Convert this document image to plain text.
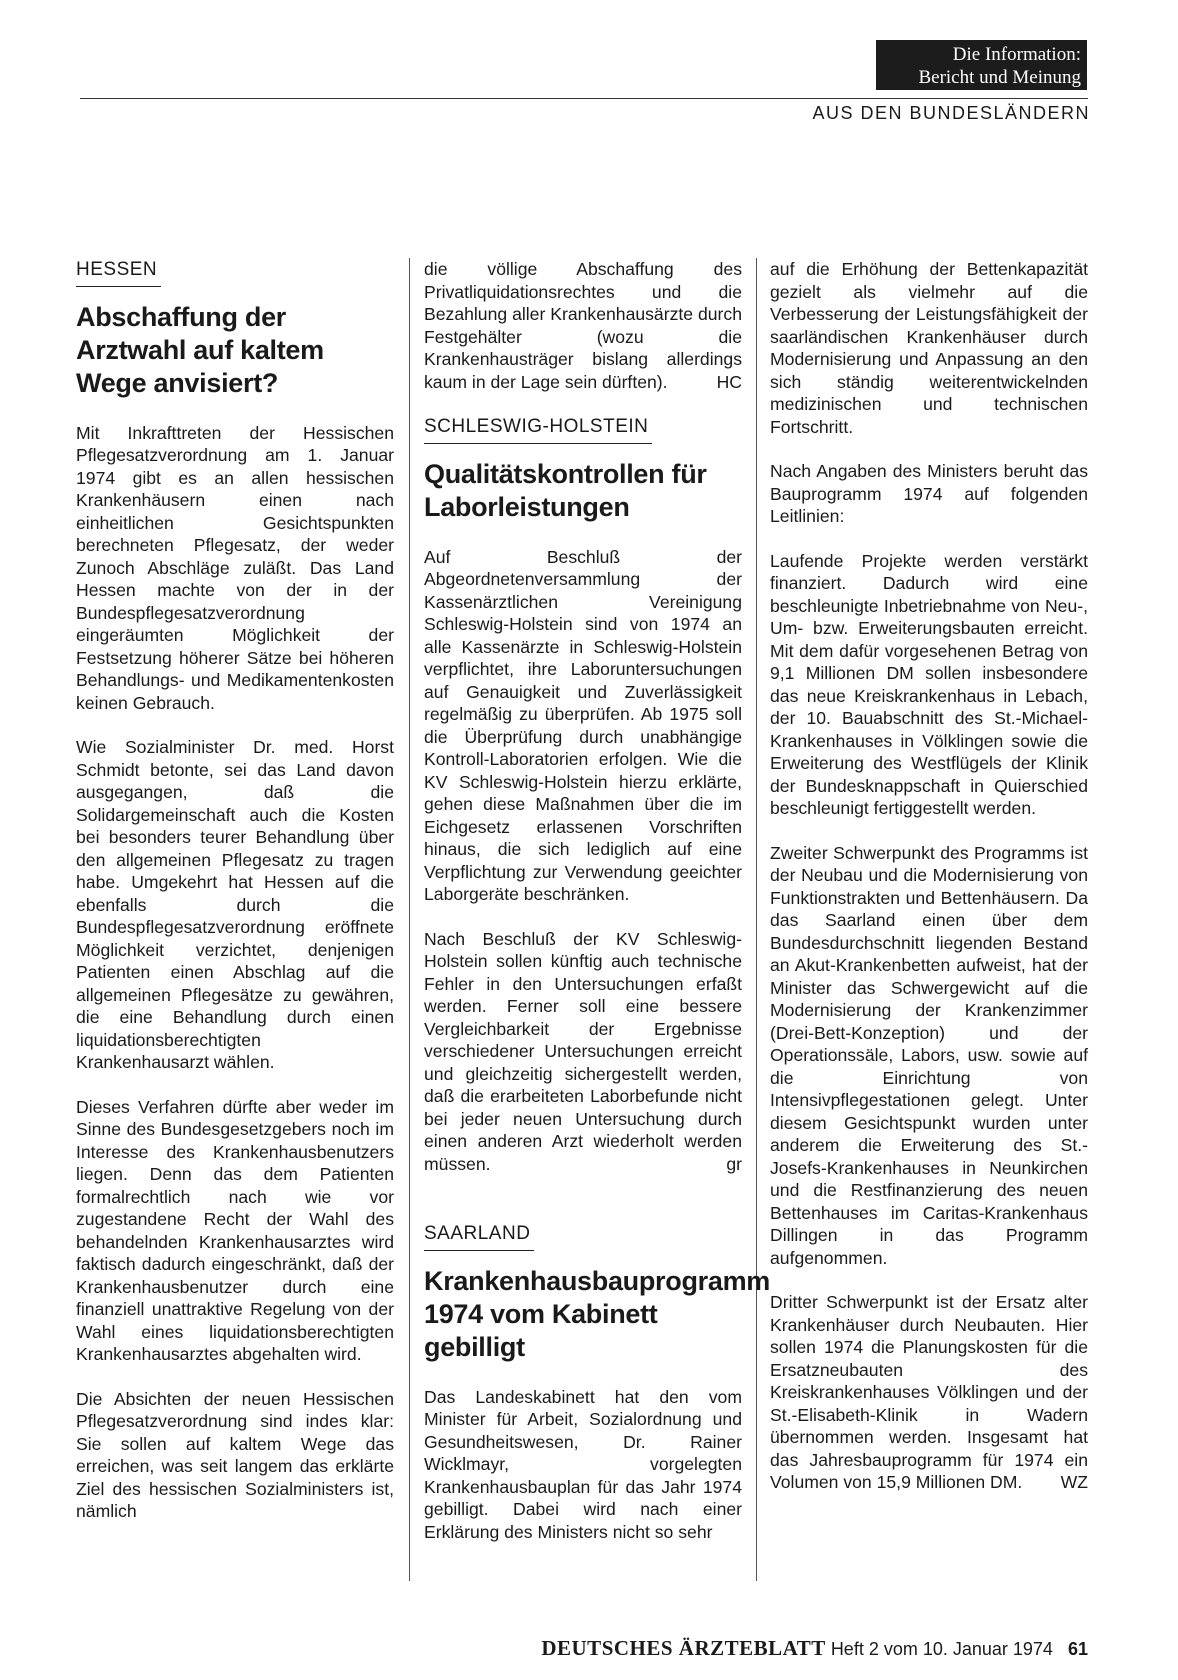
Die Information:
Bericht und Meinung
AUS DEN BUNDESLÄNDERN
HESSEN
Abschaffung der Arztwahl auf kaltem Wege anvisiert?

Mit Inkrafttreten der Hessischen Pflegesatzverordnung am 1. Januar 1974 gibt es an allen hessischen Krankenhäusern einen nach einheitlichen Gesichtspunkten berechneten Pflegesatz, der weder Zunoch Abschläge zuläßt. Das Land Hessen machte von der in der Bundespflegesatzverordnung eingeräumten Möglichkeit der Festsetzung höherer Sätze bei höheren Behandlungs- und Medikamentenkosten keinen Gebrauch.

Wie Sozialminister Dr. med. Horst Schmidt betonte, sei das Land davon ausgegangen, daß die Solidargemeinschaft auch die Kosten bei besonders teurer Behandlung über den allgemeinen Pflegesatz zu tragen habe. Umgekehrt hat Hessen auf die ebenfalls durch die Bundespflegesatzverordnung eröffnete Möglichkeit verzichtet, denjenigen Patienten einen Abschlag auf die allgemeinen Pflegesätze zu gewähren, die eine Behandlung durch einen liquidationsberechtigten Krankenhausarzt wählen.

Dieses Verfahren dürfte aber weder im Sinne des Bundesgesetzgebers noch im Interesse des Krankenhausbenutzers liegen. Denn das dem Patienten formalrechtlich nach wie vor zugestandene Recht der Wahl des behandelnden Krankenhausarztes wird faktisch dadurch eingeschränkt, daß der Krankenhausbenutzer durch eine finanziell unattraktive Regelung von der Wahl eines liquidationsberechtigten Krankenhausarztes abgehalten wird.

Die Absichten der neuen Hessischen Pflegesatzverordnung sind indes klar: Sie sollen auf kaltem Wege das erreichen, was seit langem das erklärte Ziel des hessischen Sozialministers ist, nämlich

die völlige Abschaffung des Privatliquidationsrechtes und die Bezahlung aller Krankenhausärzte durch Festgehälter (wozu die Krankenhausträger bislang allerdings kaum in der Lage sein dürften).	HC

SCHLESWIG-HOLSTEIN
Qualitätskontrollen für Laborleistungen

Auf Beschluß der Abgeordnetenversammlung der Kassenärztlichen Vereinigung Schleswig-Holstein sind von 1974 an alle Kassenärzte in Schleswig-Holstein verpflichtet, ihre Laboruntersuchungen auf Genauigkeit und Zuverlässigkeit regelmäßig zu überprüfen. Ab 1975 soll die Überprüfung durch unabhängige Kontroll-Laboratorien erfolgen. Wie die KV Schleswig-Holstein hierzu erklärte, gehen diese Maßnahmen über die im Eichgesetz erlassenen Vorschriften hinaus, die sich lediglich auf eine Verpflichtung zur Verwendung geeichter Laborgeräte beschränken.

Nach Beschluß der KV Schleswig-Holstein sollen künftig auch technische Fehler in den Untersuchungen erfaßt werden. Ferner soll eine bessere Vergleichbarkeit der Ergebnisse verschiedener Untersuchungen erreicht und gleichzeitig sichergestellt werden, daß die erarbeiteten Laborbefunde nicht bei jeder neuen Untersuchung durch einen anderen Arzt wiederholt werden müssen.	gr

SAARLAND
Krankenhausbauprogramm 1974 vom Kabinett gebilligt

Das Landeskabinett hat den vom Minister für Arbeit, Sozialordnung und Gesundheitswesen, Dr. Rainer Wicklmayr, vorgelegten Krankenhausbauplan für das Jahr 1974 gebilligt. Dabei wird nach einer Erklärung des Ministers nicht so sehr

auf die Erhöhung der Bettenkapazität gezielt als vielmehr auf die Verbesserung der Leistungsfähigkeit der saarländischen Krankenhäuser durch Modernisierung und Anpassung an den sich ständig weiterentwickelnden medizinischen und technischen Fortschritt.

Nach Angaben des Ministers beruht das Bauprogramm 1974 auf folgenden Leitlinien:

Laufende Projekte werden verstärkt finanziert. Dadurch wird eine beschleunigte Inbetriebnahme von Neu-, Um- bzw. Erweiterungsbauten erreicht. Mit dem dafür vorgesehenen Betrag von 9,1 Millionen DM sollen insbesondere das neue Kreiskrankenhaus in Lebach, der 10. Bauabschnitt des St.-Michael-Krankenhauses in Völklingen sowie die Erweiterung des Westflügels der Klinik der Bundesknappschaft in Quierschied beschleunigt fertiggestellt werden.

Zweiter Schwerpunkt des Programms ist der Neubau und die Modernisierung von Funktionstrakten und Bettenhäusern. Da das Saarland einen über dem Bundesdurchschnitt liegenden Bestand an Akut-Krankenbetten aufweist, hat der Minister das Schwergewicht auf die Modernisierung der Krankenzimmer (Drei-Bett-Konzeption) und der Operationssäle, Labors, usw. sowie auf die Einrichtung von Intensivpflegestationen gelegt. Unter diesem Gesichtspunkt wurden unter anderem die Erweiterung des St.-Josefs-Krankenhauses in Neunkirchen und die Restfinanzierung des neuen Bettenhauses im Caritas-Krankenhaus Dillingen in das Programm aufgenommen.

Dritter Schwerpunkt ist der Ersatz alter Krankenhäuser durch Neubauten. Hier sollen 1974 die Planungskosten für die Ersatzneubauten des Kreiskrankenhauses Völklingen und der St.-Elisabeth-Klinik in Wadern übernommen werden. Insgesamt hat das Jahresbauprogramm für 1974 ein Volumen von 15,9 Millionen DM. WZ

DEUTSCHES ÄRZTEBLATT Heft 2 vom 10. Januar 1974 61
